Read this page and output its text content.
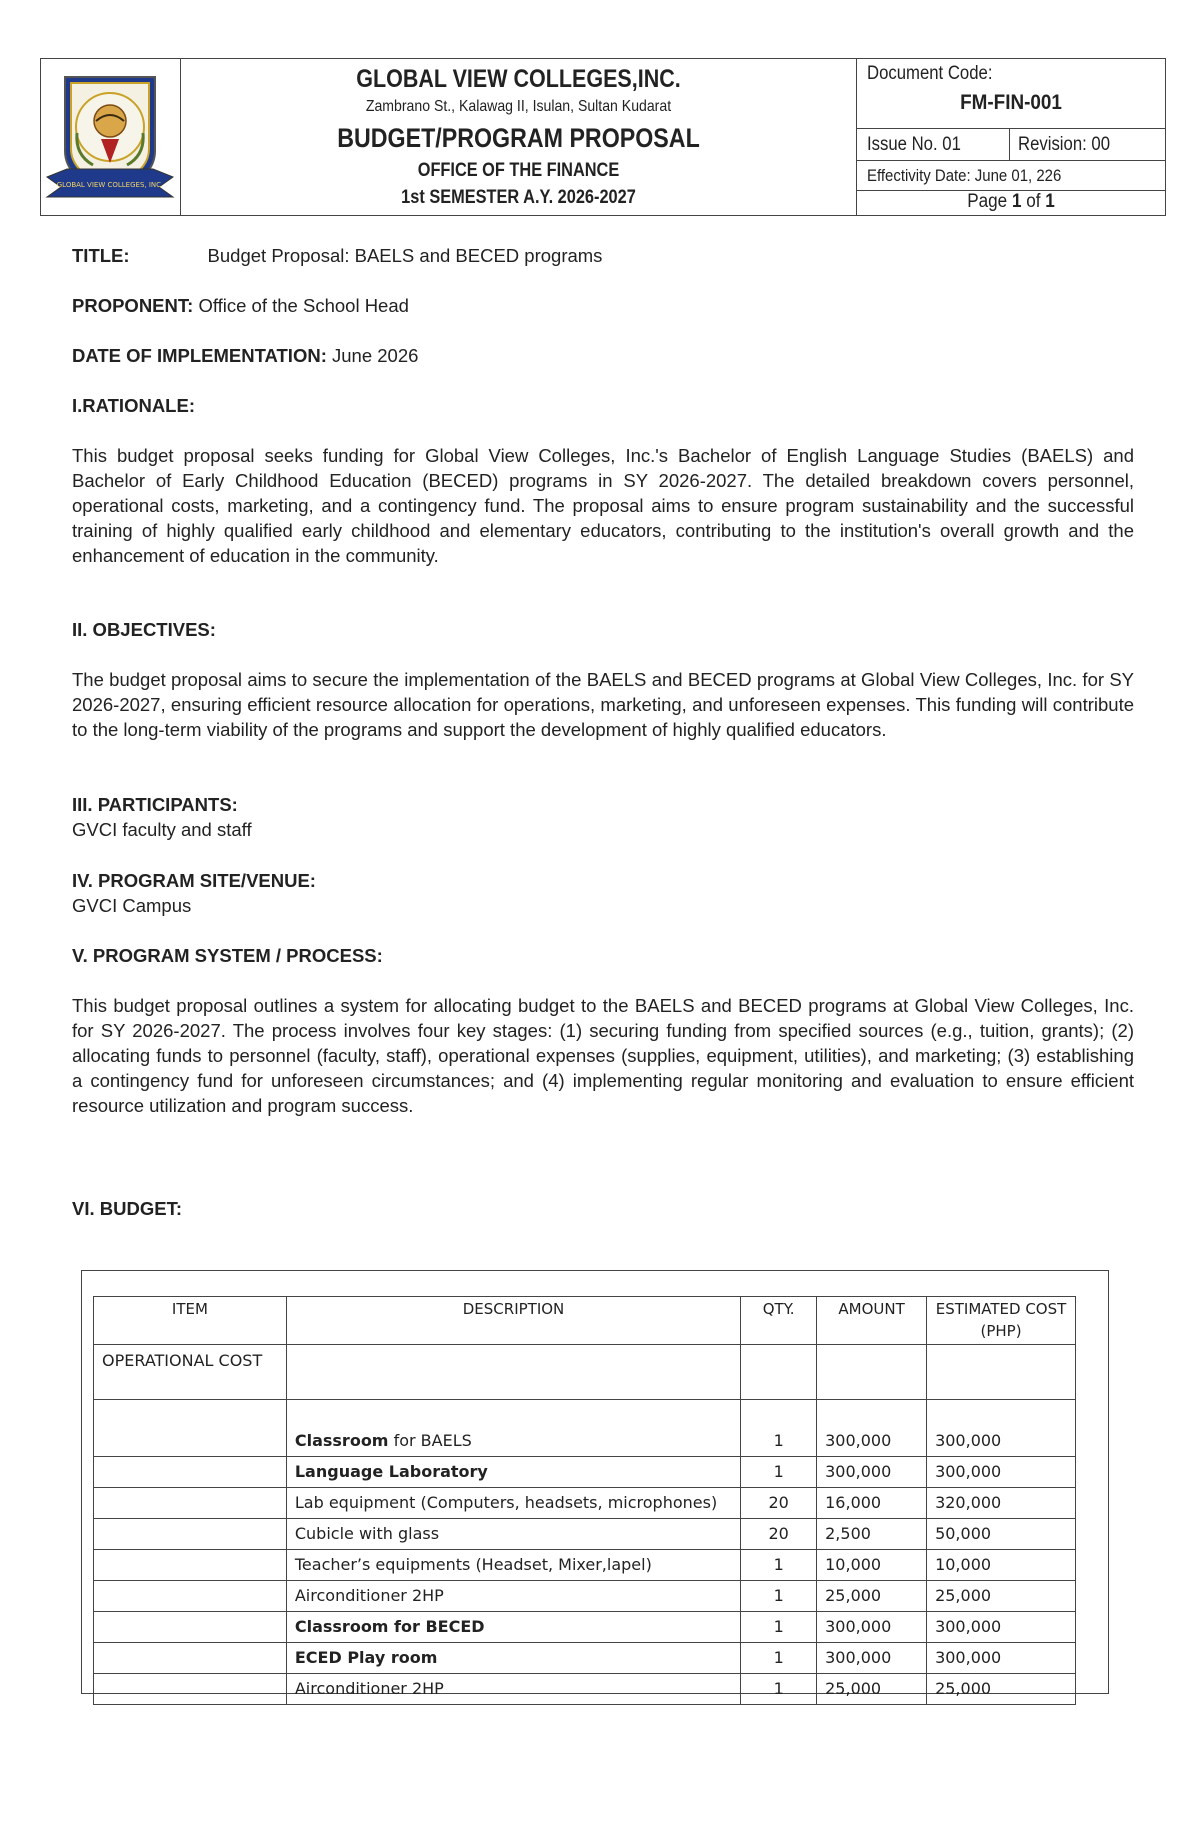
GLOBAL VIEW COLLEGES, INC.
GLOBAL VIEW COLLEGES,INC.
Zambrano St., Kalawag II, Isulan, Sultan Kudarat
BUDGET/PROGRAM PROPOSAL
OFFICE OF THE FINANCE
1st SEMESTER A.Y. 2026-2027
Document Code:
FM-FIN-001
Issue No. 01	Revision: 00
Effectivity Date: June 01, 226
Page 1 of 1
TITLE:	Budget Proposal: BAELS and BECED programs
PROPONENT: Office of the School Head
DATE OF IMPLEMENTATION: June 2026
I.RATIONALE:
This budget proposal seeks funding for Global View Colleges, Inc.'s Bachelor of English Language Studies (BAELS) and Bachelor of Early Childhood Education (BECED) programs in SY 2026-2027. The detailed breakdown covers personnel, operational costs, marketing, and a contingency fund. The proposal aims to ensure program sustainability and the successful training of highly qualified early childhood and elementary educators, contributing to the institution's overall growth and the enhancement of education in the community.
II. OBJECTIVES:
The budget proposal aims to secure the implementation of the BAELS and BECED programs at Global View Colleges, Inc. for SY 2026-2027, ensuring efficient resource allocation for operations, marketing, and unforeseen expenses. This funding will contribute to the long-term viability of the programs and support the development of highly qualified educators.
III. PARTICIPANTS:
GVCI faculty and staff
IV. PROGRAM SITE/VENUE:
GVCI Campus
V. PROGRAM SYSTEM / PROCESS:
This budget proposal outlines a system for allocating budget to the BAELS and BECED programs at Global View Colleges, Inc. for SY 2026-2027. The process involves four key stages: (1) securing funding from specified sources (e.g., tuition, grants); (2) allocating funds to personnel (faculty, staff), operational expenses (supplies, equipment, utilities), and marketing; (3) establishing a contingency fund for unforeseen circumstances; and (4) implementing regular monitoring and evaluation to ensure efficient resource utilization and program success.
VI. BUDGET:
ITEM	DESCRIPTION	QTY.	AMOUNT	ESTIMATED COST (PHP)
OPERATIONAL COST				
	Classroom for BAELS	1	300,000	300,000
	Language Laboratory	1	300,000	300,000
	Lab equipment (Computers, headsets, microphones)	20	16,000	320,000
	Cubicle with glass	20	2,500	50,000
	Teacher’s equipments (Headset, Mixer,lapel)	1	10,000	10,000
	Airconditioner 2HP	1	25,000	25,000
	Classroom for BECED	1	300,000	300,000
	ECED Play room	1	300,000	300,000
	Airconditioner 2HP	1	25,000	25,000
